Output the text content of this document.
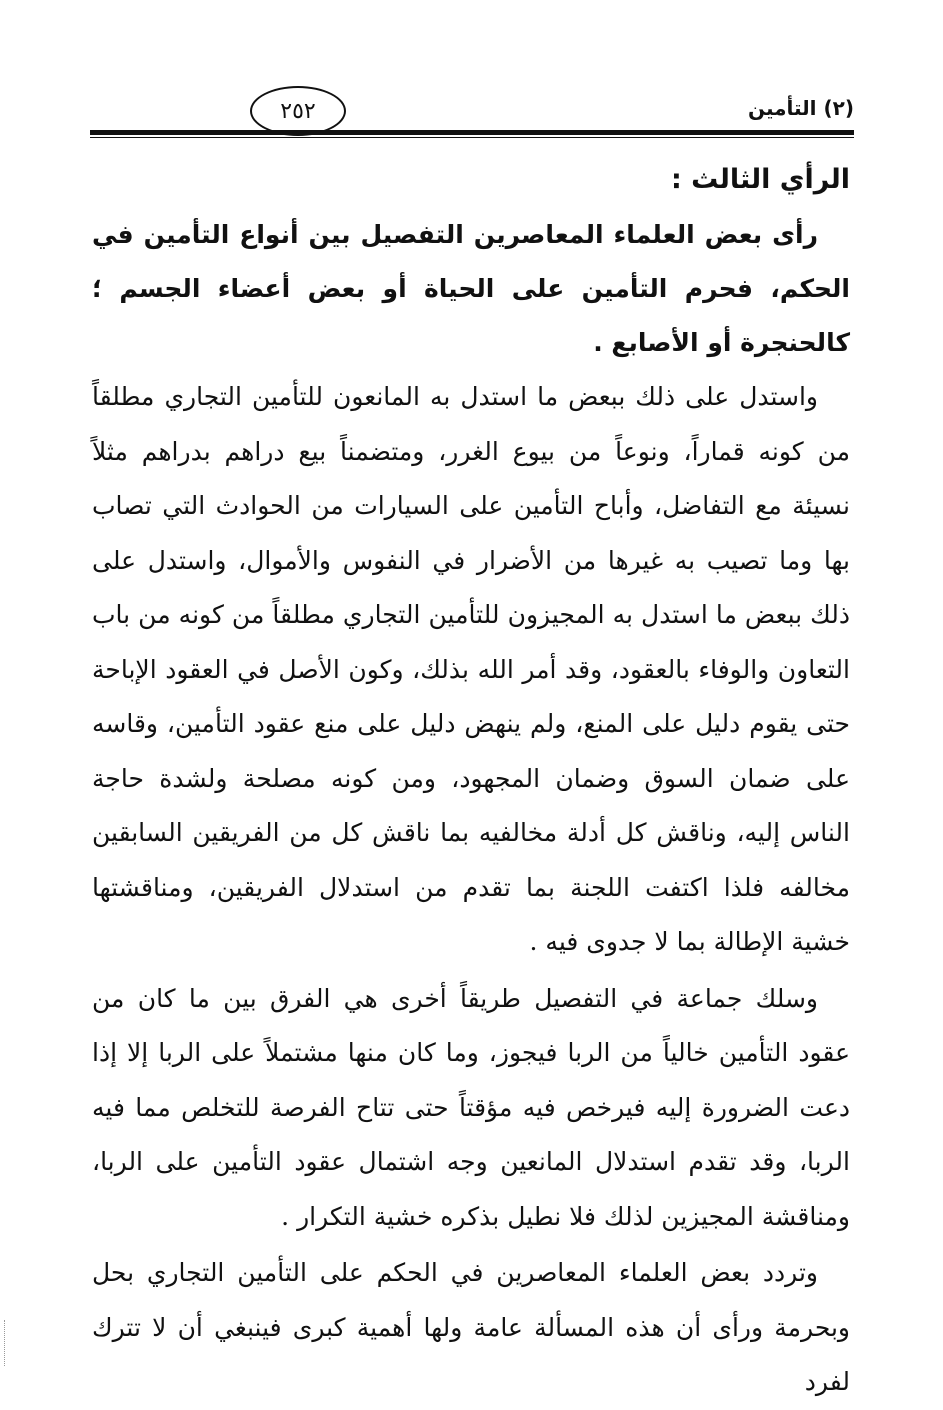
(٢) التأمين
٢٥٢

الرأي الثالث :

رأى بعض العلماء المعاصرين التفصيل بين أنواع التأمين في الحكم، فحرم التأمين على الحياة أو بعض أعضاء الجسم ؛ كالحنجرة أو الأصابع .

واستدل على ذلك ببعض ما استدل به المانعون للتأمين التجاري مطلقاً من كونه قماراً، ونوعاً من بيوع الغرر، ومتضمناً بيع دراهم بدراهم مثلاً نسيئة مع التفاضل، وأباح التأمين على السيارات من الحوادث التي تصاب بها وما تصيب به غيرها من الأضرار في النفوس والأموال، واستدل على ذلك ببعض ما استدل به المجيزون للتأمين التجاري مطلقاً من كونه من باب التعاون والوفاء بالعقود، وقد أمر الله بذلك، وكون الأصل في العقود الإباحة حتى يقوم دليل على المنع، ولم ينهض دليل على منع عقود التأمين، وقاسه على ضمان السوق وضمان المجهود، ومن كونه مصلحة ولشدة حاجة الناس إليه، وناقش كل أدلة مخالفيه بما ناقش كل من الفريقين السابقين مخالفه فلذا اكتفت اللجنة بما تقدم من استدلال الفريقين، ومناقشتها خشية الإطالة بما لا جدوى فيه .

وسلك جماعة في التفصيل طريقاً أخرى هي الفرق بين ما كان من عقود التأمين خالياً من الربا فيجوز، وما كان منها مشتملاً على الربا إلا إذا دعت الضرورة إليه فيرخص فيه مؤقتاً حتى تتاح الفرصة للتخلص مما فيه الربا، وقد تقدم استدلال المانعين وجه اشتمال عقود التأمين على الربا، ومناقشة المجيزين لذلك فلا نطيل بذكره خشية التكرار .

وتردد بعض العلماء المعاصرين في الحكم على التأمين التجاري بحل وبحرمة ورأى أن هذه المسألة عامة ولها أهمية كبرى فينبغي أن لا تترك لفرد
